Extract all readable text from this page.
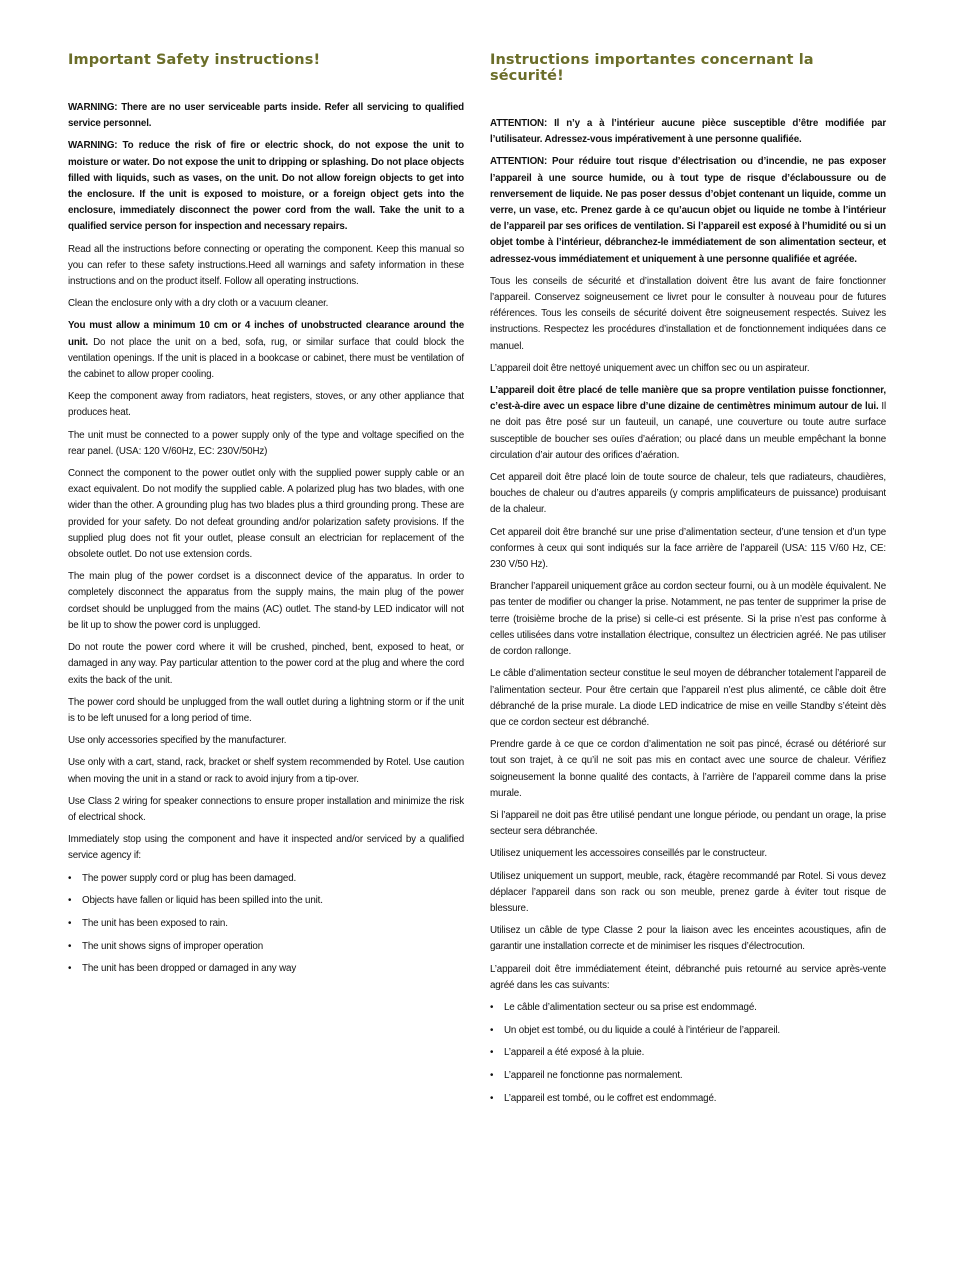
Important Safety instructions!

WARNING: There are no user serviceable parts inside. Refer all servicing to qualified service personnel.

WARNING: To reduce the risk of fire or electric shock, do not expose the unit to moisture or water. Do not expose the unit to dripping or splashing. Do not place objects filled with liquids, such as vases, on the unit. Do not allow foreign objects to get into the enclosure. If the unit is exposed to moisture, or a foreign object gets into the enclosure, immediately disconnect the power cord from the wall. Take the unit to a qualified service person for inspection and necessary repairs.

Read all the instructions before connecting or operating the component. Keep this manual so you can refer to these safety instructions.Heed all warnings and safety information in these instructions and on the product itself. Follow all operating instructions.

Clean the enclosure only with a dry cloth or a vacuum cleaner.

You must allow a minimum 10 cm or 4 inches of unobstructed clearance around the unit. Do not place the unit on a bed, sofa, rug, or similar surface that could block the ventilation openings. If the unit is placed in a bookcase or cabinet, there must be ventilation of the cabinet to allow proper cooling.

Keep the component away from radiators, heat registers, stoves, or any other appliance that produces heat.

The unit must be connected to a power supply only of the type and voltage specified on the rear panel. (USA: 120 V/60Hz, EC: 230V/50Hz)

Connect the component to the power outlet only with the supplied power supply cable or an exact equivalent. Do not modify the supplied cable. A polarized plug has two blades, with one wider than the other. A grounding plug has two blades plus a third grounding prong. These are provided for your safety. Do not defeat grounding and/or polarization safety provisions. If the supplied plug does not fit your outlet, please consult an electrician for replacement of the obsolete outlet. Do not use extension cords.

The main plug of the power cordset is a disconnect device of the apparatus. In order to completely disconnect the apparatus from the supply mains, the main plug of the power cordset should be unplugged from the mains (AC) outlet. The stand-by LED indicator will not be lit up to show the power cord is unplugged.

Do not route the power cord where it will be crushed, pinched, bent, exposed to heat, or damaged in any way. Pay particular attention to the power cord at the plug and where the cord exits the back of the unit.

The power cord should be unplugged from the wall outlet during a lightning storm or if the unit is to be left unused for a long period of time.

Use only accessories specified by the manufacturer.

Use only with a cart, stand, rack, bracket or shelf system recommended by Rotel. Use caution when moving the unit in a stand or rack to avoid injury from a tip-over.

Use Class 2 wiring for speaker connections to ensure proper installation and minimize the risk of electrical shock.

Immediately stop using the component and have it inspected and/or serviced by a qualified service agency if:

• The power supply cord or plug has been damaged.
• Objects have fallen or liquid has been spilled into the unit.
• The unit has been exposed to rain.
• The unit shows signs of improper operation
• The unit has been dropped or damaged in any way
Instructions importantes concernant la sécurité!

ATTENTION: Il n’y a à l’intérieur aucune pièce susceptible d’être modifiée par l’utilisateur. Adressez-vous impérativement à une personne qualifiée.

ATTENTION: Pour réduire tout risque d’électrisation ou d’incendie, ne pas exposer l’appareil à une source humide, ou à tout type de risque d’éclaboussure ou de renversement de liquide. Ne pas poser dessus d’objet contenant un liquide, comme un verre, un vase, etc. Prenez garde à ce qu’aucun objet ou liquide ne tombe à l’intérieur de l’appareil par ses orifices de ventilation. Si l’appareil est exposé à l’humidité ou si un objet tombe à l’intérieur, débranchez-le immédiatement de son alimentation secteur, et adressez-vous immédiatement et uniquement à une personne qualifiée et agréée.

Tous les conseils de sécurité et d’installation doivent être lus avant de faire fonctionner l’appareil. Conservez soigneusement ce livret pour le consulter à nouveau pour de futures références. Tous les conseils de sécurité doivent être soigneusement respectés. Suivez les instructions. Respectez les procédures d’installation et de fonctionnement indiquées dans ce manuel.

L’appareil doit être nettoyé uniquement avec un chiffon sec ou un aspirateur.

L’appareil doit être placé de telle manière que sa propre ventilation puisse fonctionner, c’est-à-dire avec un espace libre d’une dizaine de centimètres minimum autour de lui. Il ne doit pas être posé sur un fauteuil, un canapé, une couverture ou toute autre surface susceptible de boucher ses ouïes d’aération; ou placé dans un meuble empêchant la bonne circulation d’air autour des orifices d’aération.

Cet appareil doit être placé loin de toute source de chaleur, tels que radiateurs, chaudières, bouches de chaleur ou d’autres appareils (y compris amplificateurs de puissance) produisant de la chaleur.

Cet appareil doit être branché sur une prise d’alimentation secteur, d’une tension et d’un type conformes à ceux qui sont indiqués sur la face arrière de l’appareil (USA: 115 V/60 Hz, CE: 230 V/50 Hz).

Brancher l’appareil uniquement grâce au cordon secteur fourni, ou à un modèle équivalent. Ne pas tenter de modifier ou changer la prise. Notamment, ne pas tenter de supprimer la prise de terre (troisième broche de la prise) si celle-ci est présente. Si la prise n’est pas conforme à celles utilisées dans votre installation électrique, consultez un électricien agréé. Ne pas utiliser de cordon rallonge.

Le câble d’alimentation secteur constitue le seul moyen de débrancher totalement l’appareil de l’alimentation secteur. Pour être certain que l’appareil n’est plus alimenté, ce câble doit être débranché de la prise murale. La diode LED indicatrice de mise en veille Standby s’éteint dès que ce cordon secteur est débranché.

Prendre garde à ce que ce cordon d’alimentation ne soit pas pincé, écrasé ou détérioré sur tout son trajet, à ce qu’il ne soit pas mis en contact avec une source de chaleur. Vérifiez soigneusement la bonne qualité des contacts, à l’arrière de l’appareil comme dans la prise murale.

Si l’appareil ne doit pas être utilisé pendant une longue période, ou pendant un orage, la prise secteur sera débranchée.

Utilisez uniquement les accessoires conseillés par le constructeur.

Utilisez uniquement un support, meuble, rack, étagère recommandé par Rotel. Si vous devez déplacer l’appareil dans son rack ou son meuble, prenez garde à éviter tout risque de blessure.

Utilisez un câble de type Classe 2 pour la liaison avec les enceintes acoustiques, afin de garantir une installation correcte et de minimiser les risques d’électrocution.

L’appareil doit être immédiatement éteint, débranché puis retourné au service après-vente agréé dans les cas suivants:

• Le câble d’alimentation secteur ou sa prise est endommagé.
• Un objet est tombé, ou du liquide a coulé à l’intérieur de l’appareil.
• L’appareil a été exposé à la pluie.
• L’appareil ne fonctionne pas normalement.
• L’appareil est tombé, ou le coffret est endommagé.
